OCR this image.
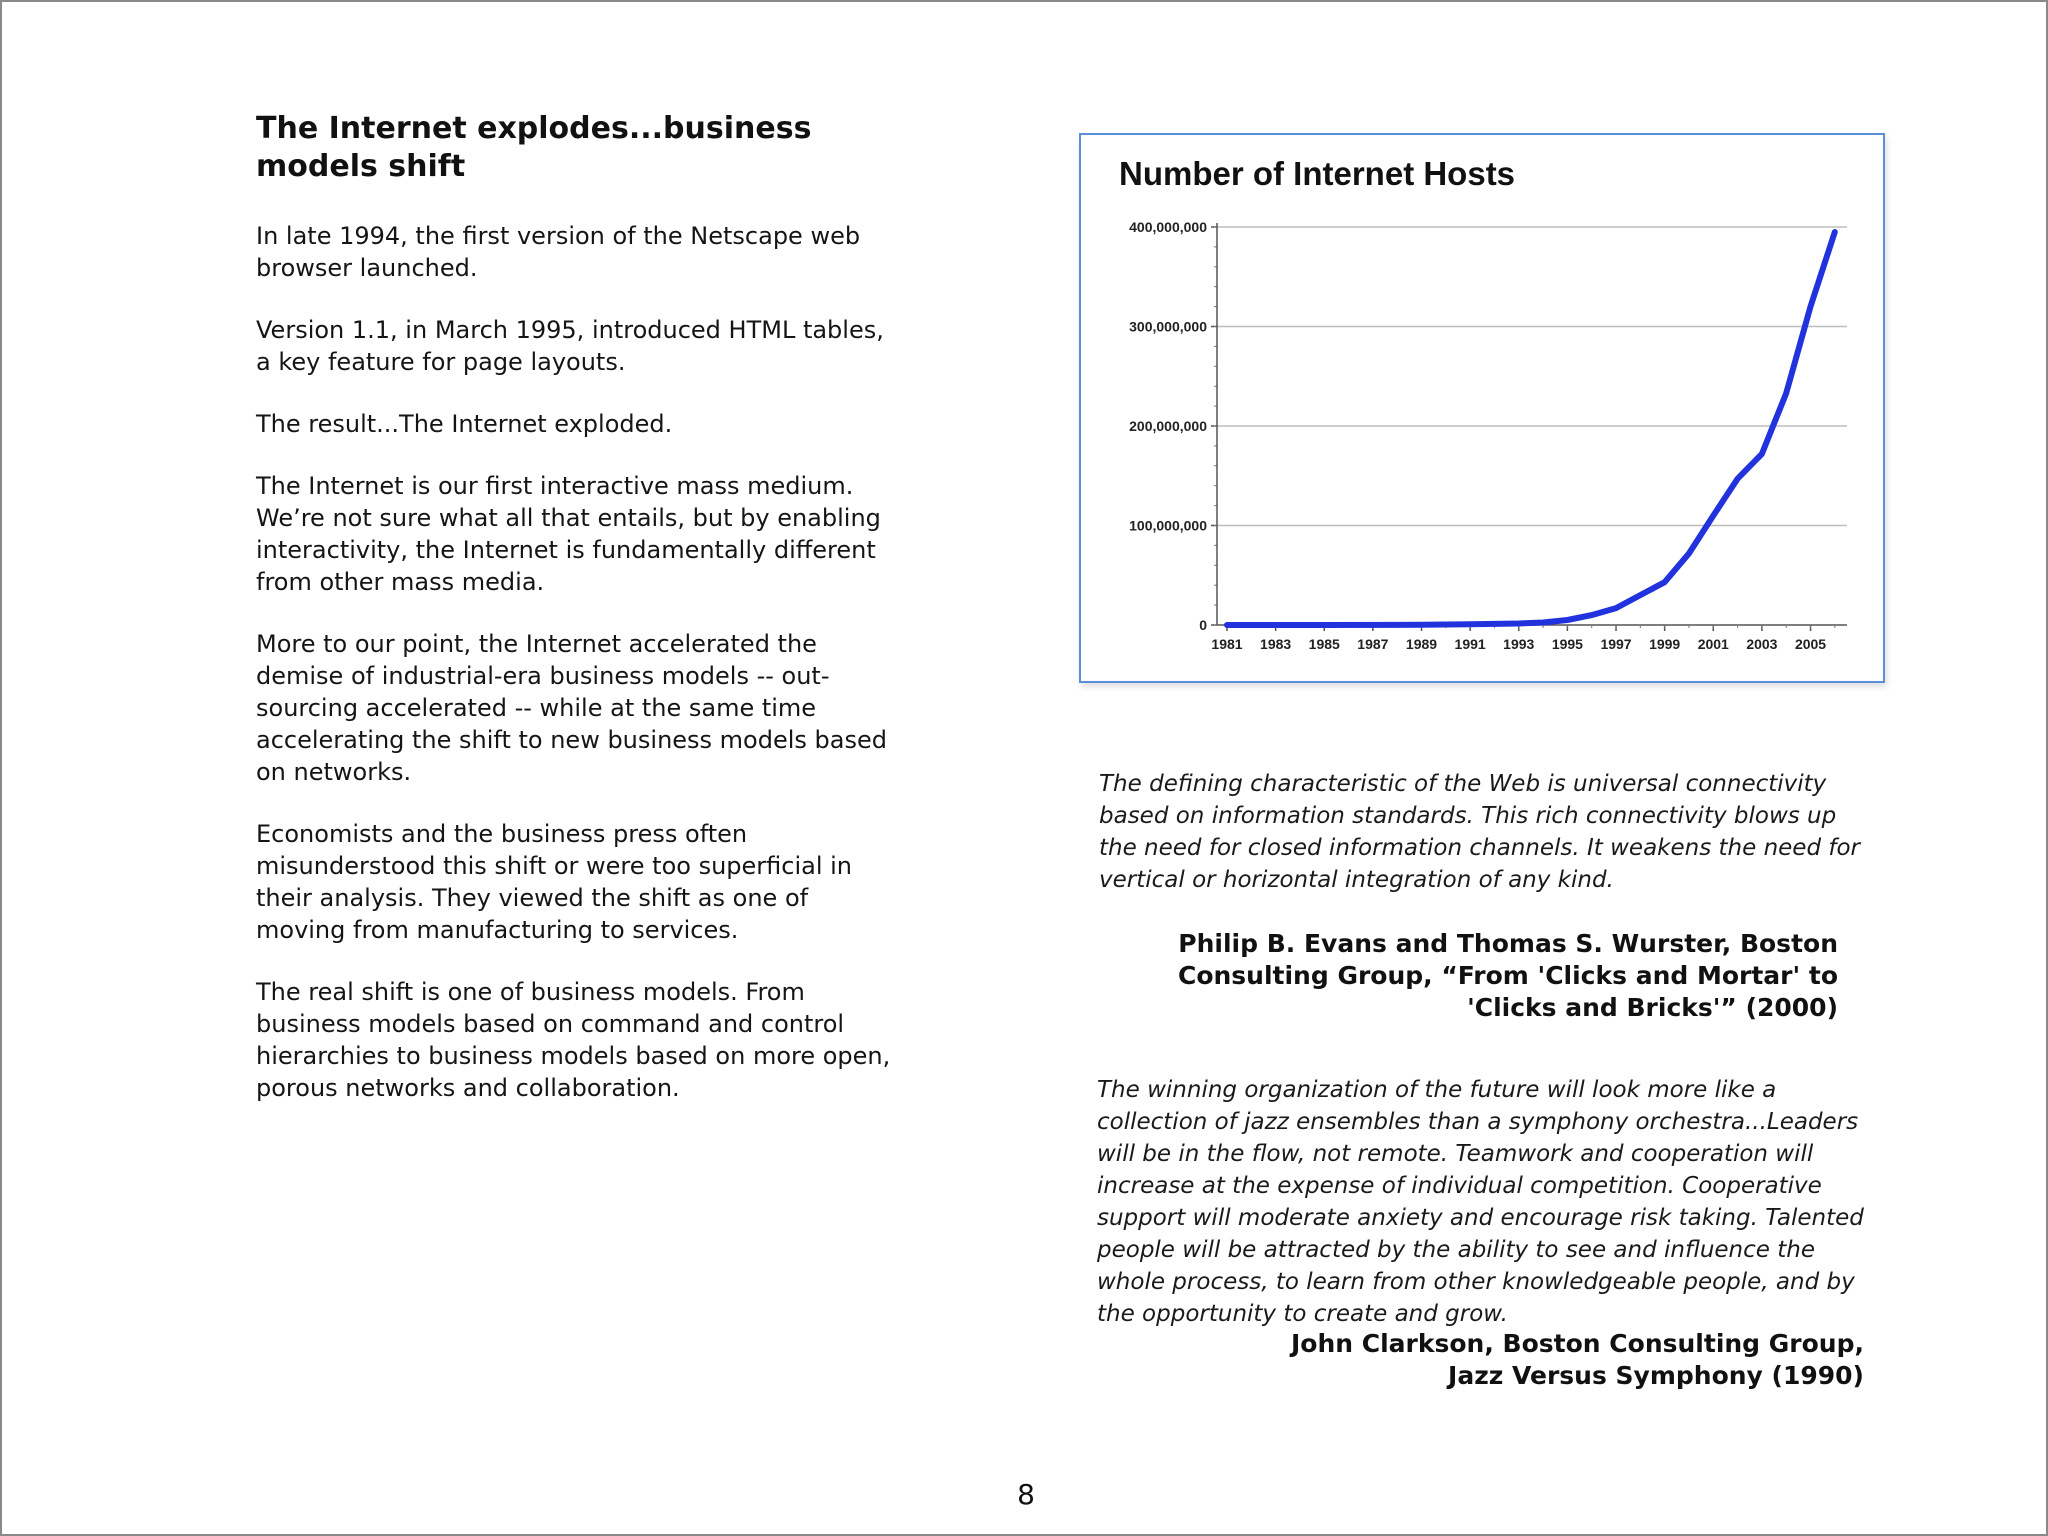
The Internet explodes...business
models shift

In late 1994, the first version of the Netscape web browser launched.

Version 1.1, in March 1995, introduced HTML tables, a key feature for page layouts.

The result...The Internet exploded.

The Internet is our first interactive mass medium. We’re not sure what all that entails, but by enabling interactivity, the Internet is fundamentally different from other mass media.

More to our point, the Internet accelerated the demise of industrial-era business models -- out-sourcing accelerated -- while at the same time accelerating the shift to new business models based on networks.

Economists and the business press often misunderstood this shift or were too superficial in their analysis. They viewed the shift as one of moving from manufacturing to services.

The real shift is one of business models. From business models based on command and control hierarchies to business models based on more open, porous networks and collaboration.

Number of Internet Hosts
400,000,000
300,000,000
200,000,000
100,000,000
0
1981 1983 1985 1987 1989 1991 1993 1995 1997 1999 2001 2003 2005

The defining characteristic of the Web is universal connectivity based on information standards. This rich connectivity blows up the need for closed information channels. It weakens the need for vertical or horizontal integration of any kind.

Philip B. Evans and Thomas S. Wurster, Boston
Consulting Group, “From 'Clicks and Mortar' to
'Clicks and Bricks'” (2000)

The winning organization of the future will look more like a collection of jazz ensembles than a symphony orchestra...Leaders will be in the flow, not remote. Teamwork and cooperation will increase at the expense of individual competition. Cooperative support will moderate anxiety and encourage risk taking. Talented people will be attracted by the ability to see and influence the whole process, to learn from other knowledgeable people, and by the opportunity to create and grow.

John Clarkson, Boston Consulting Group,
Jazz Versus Symphony (1990)

8
